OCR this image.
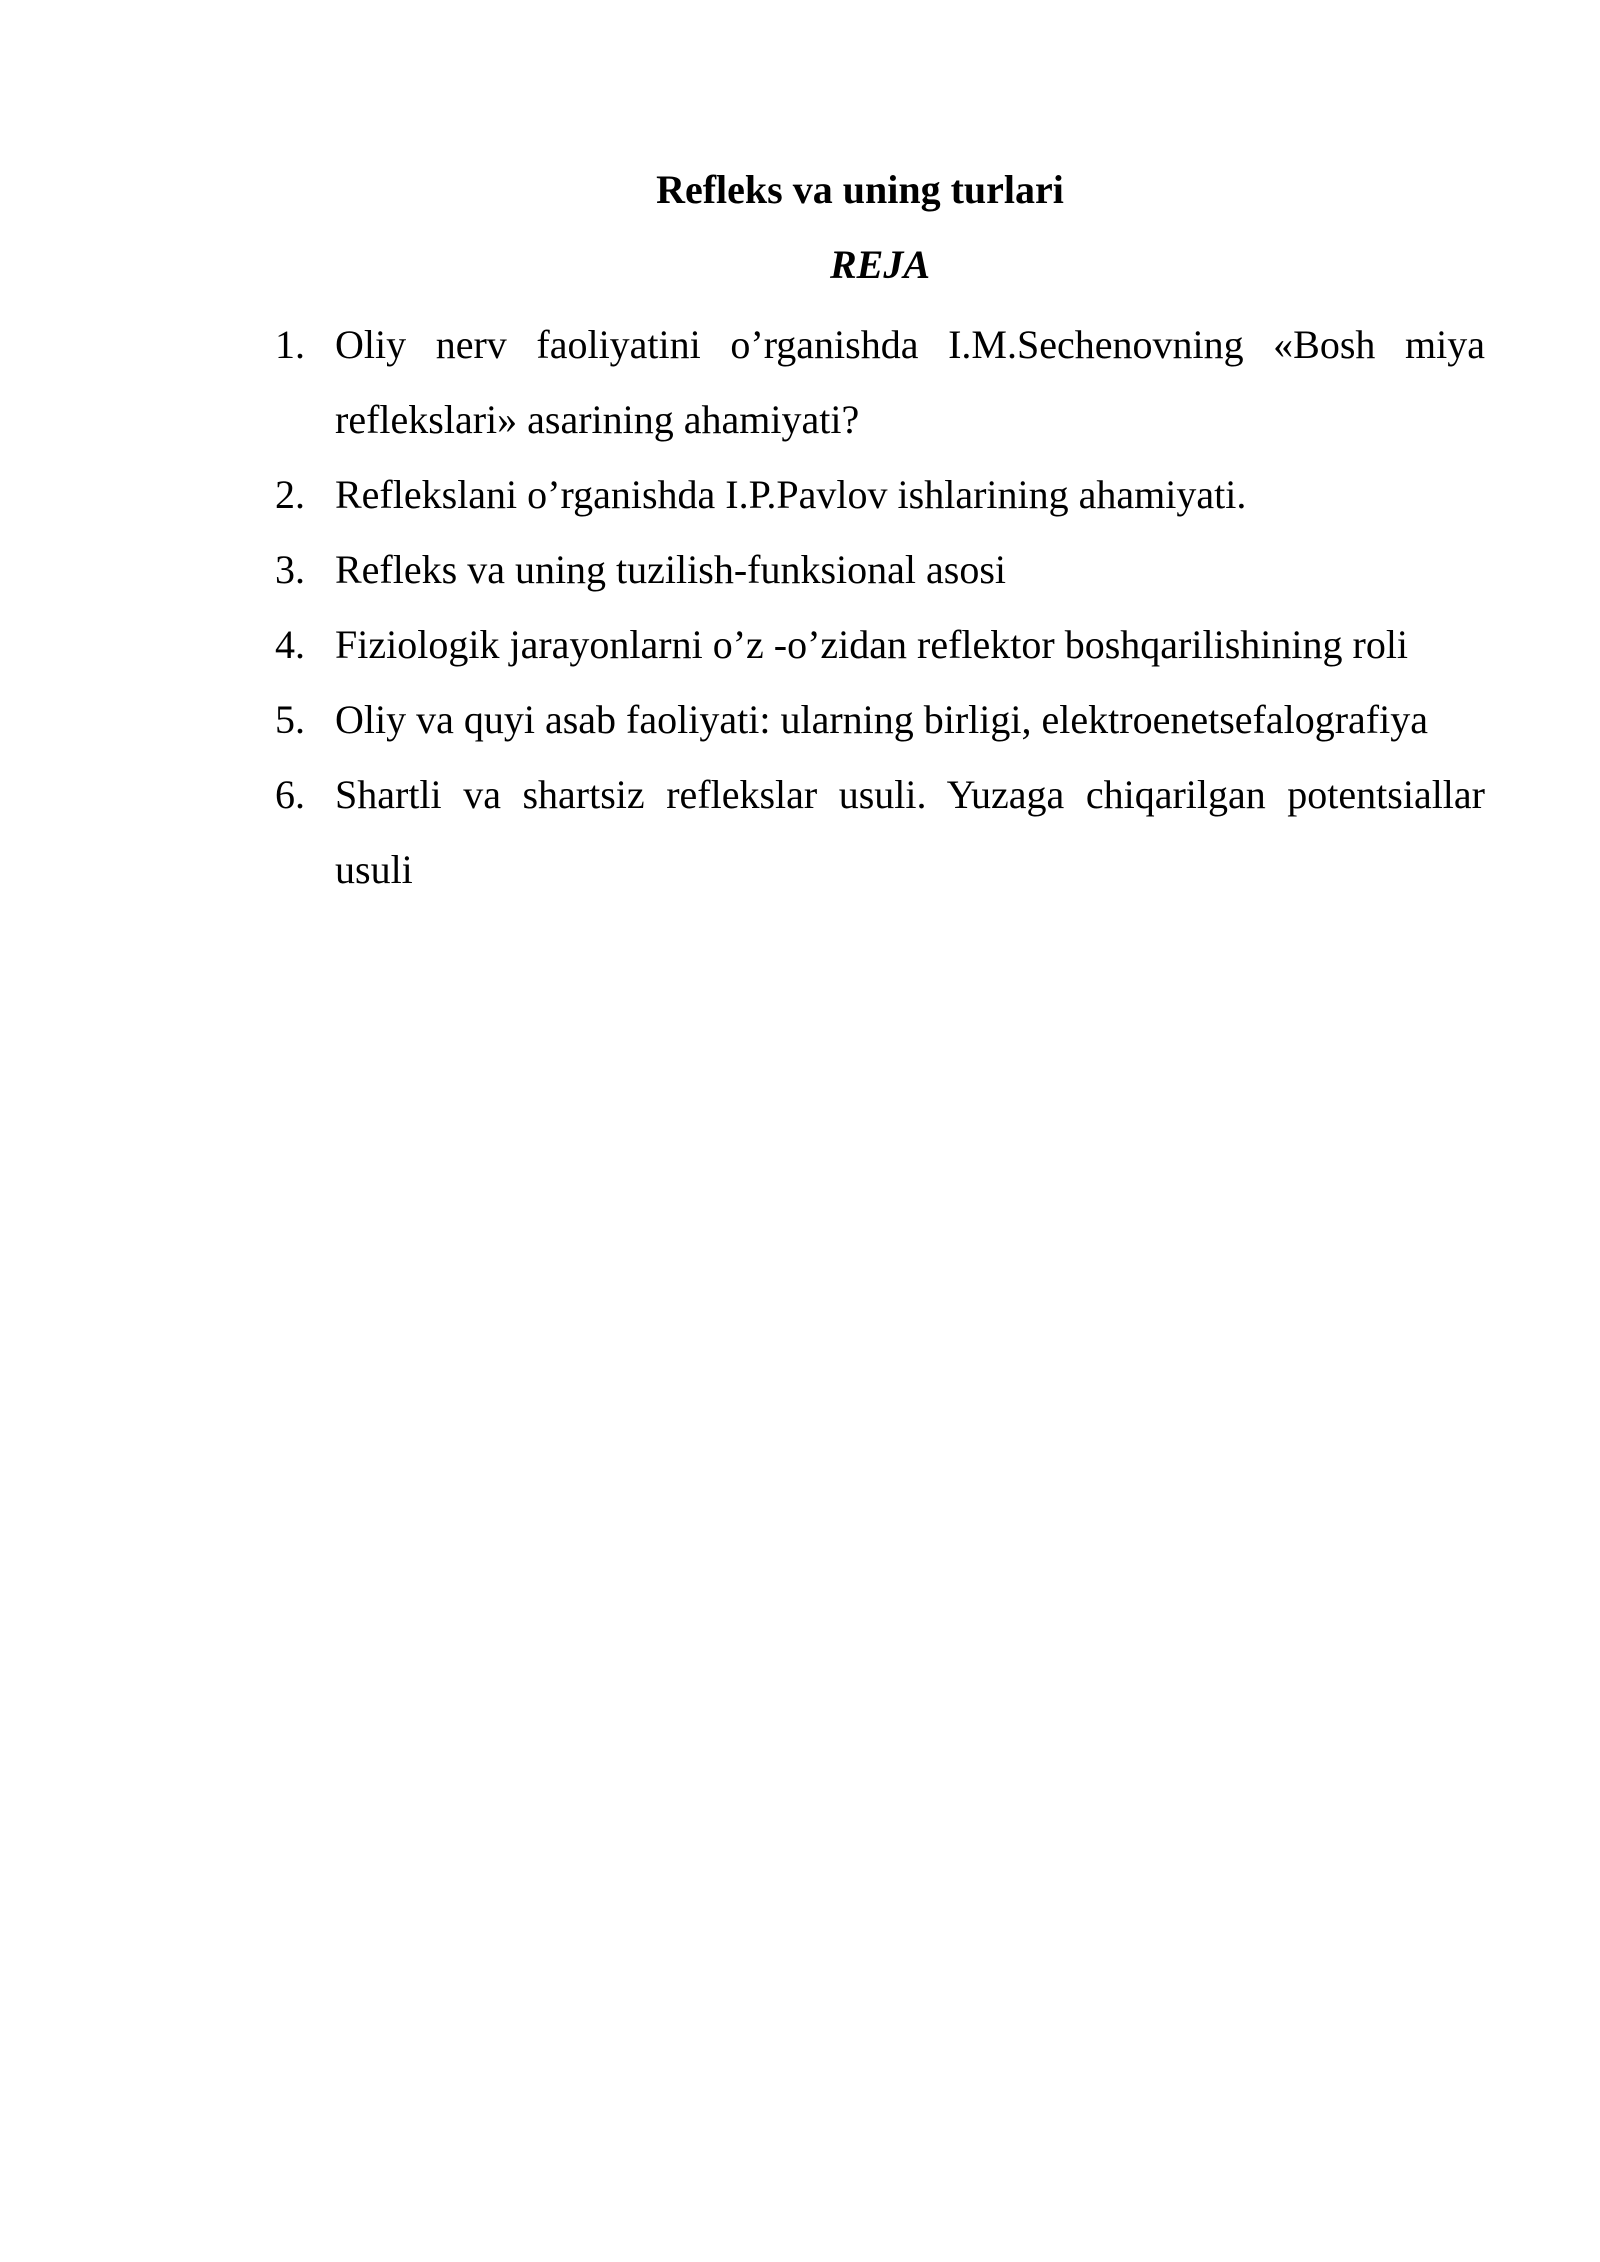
Refleks va uning turlari
REJA
1. Oliy nerv faoliyatini o’rganishda I.M.Sechenovning «Bosh miya reflekslari» asarining ahamiyati?
2. Reflekslani o’rganishda I.P.Pavlov ishlarining ahamiyati.
3. Refleks va uning tuzilish-funksional asosi
4. Fiziologik jarayonlarni o’z -o’zidan reflektor boshqarilishining roli
5. Oliy va quyi asab faoliyati: ularning birligi, elektroenetsefalografiya
6. Shartli va shartsiz reflekslar usuli. Yuzaga chiqarilgan potentsiallar usuli
